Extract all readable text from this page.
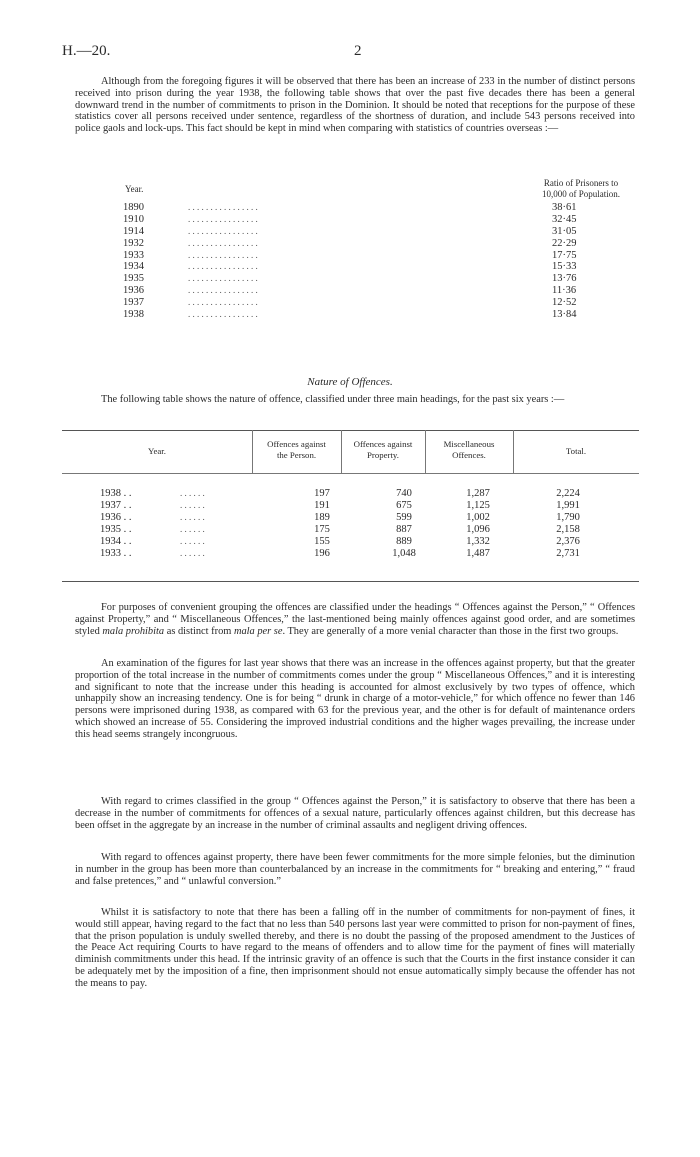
H.—20.	2

Although from the foregoing figures it will be observed that there has been an increase of 233 in the number of distinct persons received into prison during the year 1938, the following table shows that over the past five decades there has been a general downward trend in the number of commitments to prison in the Dominion. It should be noted that receptions for the purpose of these statistics cover all persons received under sentence, regardless of the shortness of duration, and include 543 persons received into police gaols and lock-ups. This fact should be kept in mind when comparing with statistics of countries overseas :—

Year.
Ratio of Prisoners to
10,000 of Population.
1890	. . . . . . . . . . . . . . . .	38·61
1910	. . . . . . . . . . . . . . . .	32·45
1914	. . . . . . . . . . . . . . . .	31·05
1932	. . . . . . . . . . . . . . . .	22·29
1933	. . . . . . . . . . . . . . . .	17·75
1934	. . . . . . . . . . . . . . . .	15·33
1935	. . . . . . . . . . . . . . . .	13·76
1936	. . . . . . . . . . . . . . . .	11·36
1937	. . . . . . . . . . . . . . . .	12·52
1938	. . . . . . . . . . . . . . . .	13·84
Nature of Offences.

The following table shows the nature of offence, classified under three main headings, for the past six years :—

Year.
Offences against
the Person.
Offences against
Property.
Miscellaneous
Offences.	Total.
1938 . .	. . . . . .	197	740	1,287	2,224
1937 . .	. . . . . .	191	675	1,125	1,991
1936 . .	. . . . . .	189	599	1,002	1,790
1935 . .	. . . . . .	175	887	1,096	2,158
1934 . .	. . . . . .	155	889	1,332	2,376
1933 . .	. . . . . .	196	1,048	1,487	2,731

For purposes of convenient grouping the offences are classified under the headings “ Offences against the Person,” “ Offences against Property,” and “ Miscellaneous Offences,” the last-mentioned being mainly offences against good order, and are sometimes styled mala prohibita as distinct from mala per se. They are generally of a more venial character than those in the first two groups.

An examination of the figures for last year shows that there was an increase in the offences against property, but that the greater proportion of the total increase in the number of commitments comes under the group “ Miscellaneous Offences,” and it is interesting and significant to note that the increase under this heading is accounted for almost exclusively by two types of offence, which unhappily show an increasing tendency. One is for being “ drunk in charge of a motor-vehicle,” for which offence no fewer than 146 persons were imprisoned during 1938, as compared with 63 for the previous year, and the other is for default of maintenance orders which showed an increase of 55. Considering the improved industrial conditions and the higher wages prevailing, the increase under this head seems strangely incongruous.

With regard to crimes classified in the group “ Offences against the Person,” it is satisfactory to observe that there has been a decrease in the number of commitments for offences of a sexual nature, particularly offences against children, but this decrease has been offset in the aggregate by an increase in the number of criminal assaults and negligent driving offences.

With regard to offences against property, there have been fewer commitments for the more simple felonies, but the diminution in number in the group has been more than counterbalanced by an increase in the commitments for “ breaking and entering,” “ fraud and false pretences,” and “ unlawful conversion.”

Whilst it is satisfactory to note that there has been a falling off in the number of commitments for non-payment of fines, it would still appear, having regard to the fact that no less than 540 persons last year were committed to prison for non-payment of fines, that the prison population is unduly swelled thereby, and there is no doubt the passing of the proposed amendment to the Justices of the Peace Act requiring Courts to have regard to the means of offenders and to allow time for the payment of fines will materially diminish commitments under this head. If the intrinsic gravity of an offence is such that the Courts in the first instance consider it can be adequately met by the imposition of a fine, then imprisonment should not ensue automatically simply because the offender has not the means to pay.
